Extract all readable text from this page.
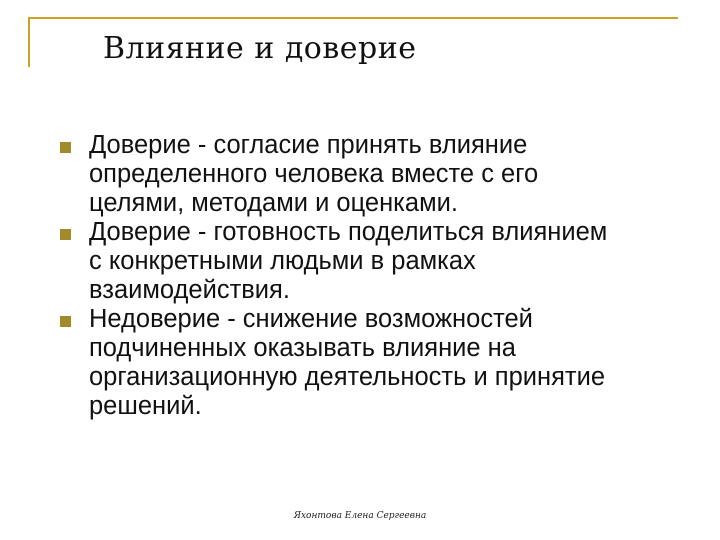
Влияние и доверие
Доверие - согласие принять влияние
определенного человека вместе с его
целями, методами и оценками.
Доверие - готовность поделиться влиянием
с конкретными людьми в рамках
взаимодействия.
Недоверие - снижение возможностей
подчиненных оказывать влияние на
организационную деятельность и принятие
решений.
Яхонтова Елена Сергеевна
